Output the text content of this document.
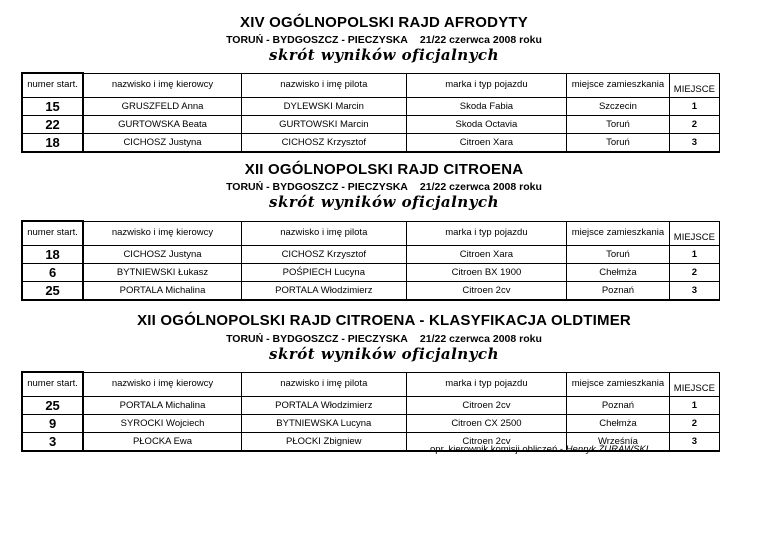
XIV OGÓLNOPOLSKI RAJD AFRODYTY
TORUŃ - BYDGOSZCZ - PIECZYSKA 21/22 czerwca 2008 roku
skrót wyników oficjalnych
numer start.	nazwisko i imę kierowcy	nazwisko i imę pilota	marka i typ pojazdu	miejsce zamieszkania	MIEJSCE
15	GRUSZFELD Anna	DYLEWSKI Marcin	Skoda Fabia	Szczecin	1
22	GURTOWSKA Beata	GURTOWSKI Marcin	Skoda Octavia	Toruń	2
18	CICHOSZ Justyna	CICHOSZ Krzysztof	Citroen Xara	Toruń	3
XII OGÓLNOPOLSKI RAJD CITROENA
TORUŃ - BYDGOSZCZ - PIECZYSKA 21/22 czerwca 2008 roku
skrót wyników oficjalnych
numer start.	nazwisko i imę kierowcy	nazwisko i imę pilota	marka i typ pojazdu	miejsce zamieszkania	MIEJSCE
18	CICHOSZ Justyna	CICHOSZ Krzysztof	Citroen Xara	Toruń	1
6	BYTNIEWSKI Łukasz	POŚPIECH Lucyna	Citroen BX 1900	Chełmża	2
25	PORTALA Michalina	PORTALA Włodzimierz	Citroen 2cv	Poznań	3
XII OGÓLNOPOLSKI RAJD CITROENA - KLASYFIKACJA OLDTIMER
TORUŃ - BYDGOSZCZ - PIECZYSKA 21/22 czerwca 2008 roku
skrót wyników oficjalnych
numer start.	nazwisko i imę kierowcy	nazwisko i imę pilota	marka i typ pojazdu	miejsce zamieszkania	MIEJSCE
25	PORTALA Michalina	PORTALA Włodzimierz	Citroen 2cv	Poznań	1
9	SYROCKI Wojciech	BYTNIEWSKA Lucyna	Citroen CX 2500	Chełmża	2
3	PŁOCKA Ewa	PŁOCKI Zbigniew	Citroen 2cv	Wrześnía	3
opr. kierownik komisji obliczeń - Henryk ŻURAWSKI
